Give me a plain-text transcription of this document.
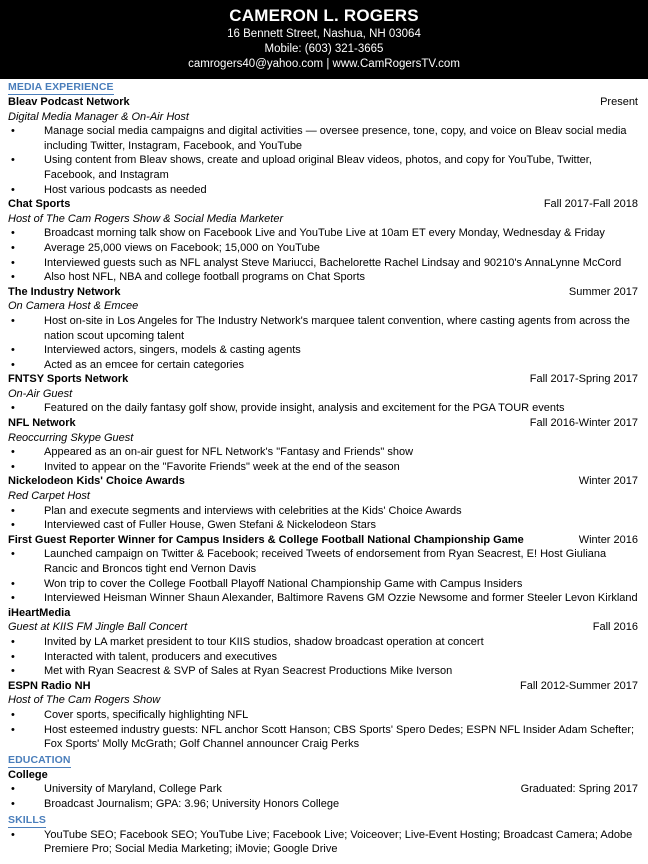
CAMERON L. ROGERS
16 Bennett Street, Nashua, NH 03064
Mobile: (603) 321-3665
camrogers40@yahoo.com | www.CamRogersTV.com
MEDIA EXPERIENCE
Bleav Podcast Network	Present
Digital Media Manager & On-Air Host
•	Manage social media campaigns and digital activities — oversee presence, tone, copy, and voice on Bleav social media including Twitter, Instagram, Facebook, and YouTube
•	Using content from Bleav shows, create and upload original Bleav videos, photos, and copy for YouTube, Twitter, Facebook, and Instagram
•	Host various podcasts as needed
Chat Sports	Fall 2017-Fall 2018
Host of The Cam Rogers Show & Social Media Marketer
•	Broadcast morning talk show on Facebook Live and YouTube Live at 10am ET every Monday, Wednesday & Friday
•	Average 25,000 views on Facebook; 15,000 on YouTube
•	Interviewed guests such as NFL analyst Steve Mariucci, Bachelorette Rachel Lindsay and 90210's AnnaLynne McCord
•	Also host NFL, NBA and college football programs on Chat Sports
The Industry Network	Summer 2017
On Camera Host & Emcee
•	Host on-site in Los Angeles for The Industry Network's marquee talent convention, where casting agents from across the nation scout upcoming talent
•	Interviewed actors, singers, models & casting agents
•	Acted as an emcee for certain categories
FNTSY Sports Network	Fall 2017-Spring 2017
On-Air Guest
•	Featured on the daily fantasy golf show, provide insight, analysis and excitement for the PGA TOUR events
NFL Network	Fall 2016-Winter 2017
Reoccurring Skype Guest
•	Appeared as an on-air guest for NFL Network's "Fantasy and Friends" show
•	Invited to appear on the "Favorite Friends" week at the end of the season
Nickelodeon Kids' Choice Awards	Winter 2017
Red Carpet Host
•	Plan and execute segments and interviews with celebrities at the Kids' Choice Awards
•	Interviewed cast of Fuller House, Gwen Stefani & Nickelodeon Stars
First Guest Reporter Winner for Campus Insiders & College Football National Championship Game	Winter 2016
•	Launched campaign on Twitter & Facebook; received Tweets of endorsement from Ryan Seacrest, E! Host Giuliana Rancic and Broncos tight end Vernon Davis
•	Won trip to cover the College Football Playoff National Championship Game with Campus Insiders
•	Interviewed Heisman Winner Shaun Alexander, Baltimore Ravens GM Ozzie Newsome and former Steeler Levon Kirkland
iHeartMedia
Guest at KIIS FM Jingle Ball Concert	Fall 2016
•	Invited by LA market president to tour KIIS studios, shadow broadcast operation at concert
•	Interacted with talent, producers and executives
•	Met with Ryan Seacrest & SVP of Sales at Ryan Seacrest Productions Mike Iverson
ESPN Radio NH	Fall 2012-Summer 2017
Host of The Cam Rogers Show
•	Cover sports, specifically highlighting NFL
•	Host esteemed industry guests: NFL anchor Scott Hanson; CBS Sports' Spero Dedes; ESPN NFL Insider Adam Schefter; Fox Sports' Molly McGrath; Golf Channel announcer Craig Perks
EDUCATION
College
•	University of Maryland, College Park	Graduated: Spring 2017
•	Broadcast Journalism; GPA: 3.96; University Honors College
SKILLS
•	YouTube SEO; Facebook SEO; YouTube Live; Facebook Live; Voiceover; Live-Event Hosting; Broadcast Camera; Adobe Premiere Pro; Social Media Marketing; iMovie; Google Drive
